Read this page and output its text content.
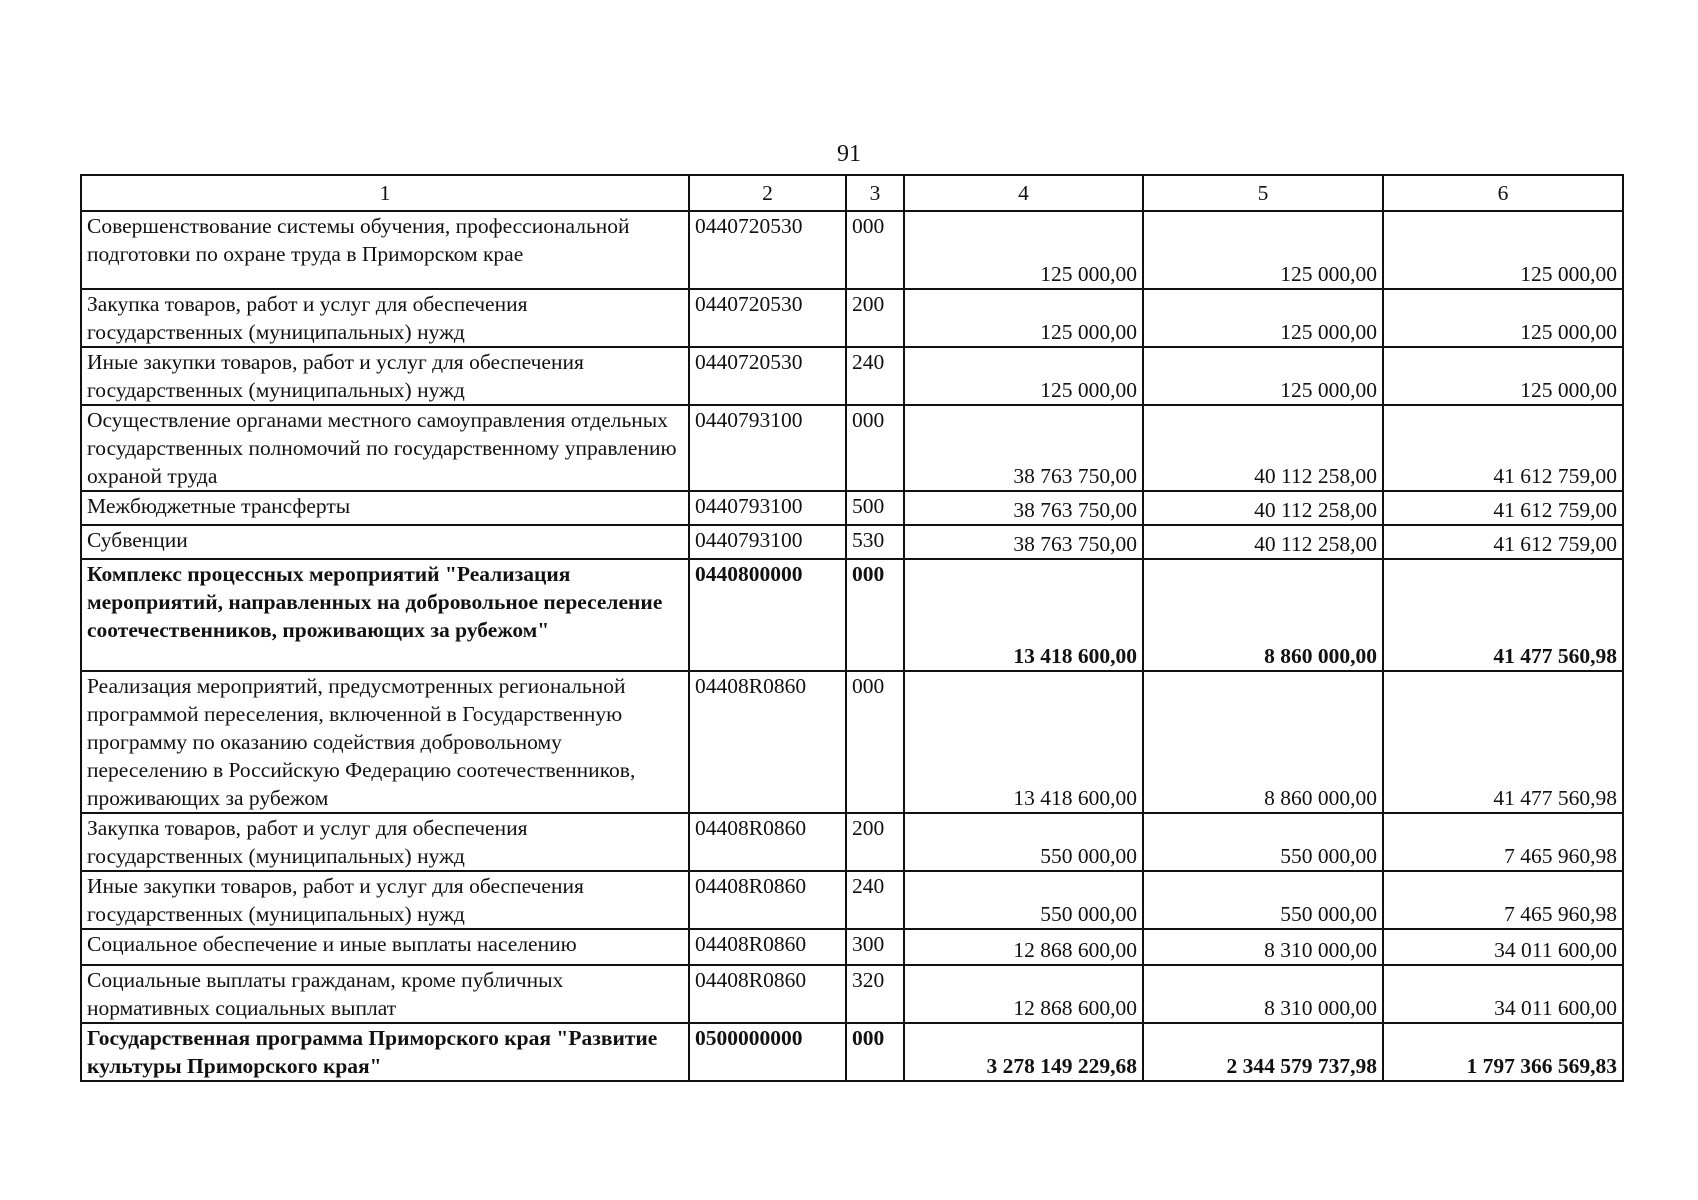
91
1	2	3	4	5	6
Совершенствование системы обучения, профессиональной подготовки по охране труда в Приморском крае	0440720530	000	125 000,00	125 000,00	125 000,00
Закупка товаров, работ и услуг для обеспечения государственных (муниципальных) нужд	0440720530	200	125 000,00	125 000,00	125 000,00
Иные закупки товаров, работ и услуг для обеспечения государственных (муниципальных) нужд	0440720530	240	125 000,00	125 000,00	125 000,00
Осуществление органами местного самоуправления отдельных государственных полномочий по государственному управлению охраной труда	0440793100	000	38 763 750,00	40 112 258,00	41 612 759,00
Межбюджетные трансферты	0440793100	500	38 763 750,00	40 112 258,00	41 612 759,00
Субвенции	0440793100	530	38 763 750,00	40 112 258,00	41 612 759,00
Комплекс процессных мероприятий "Реализация мероприятий, направленных на добровольное переселение соотечественников, проживающих за рубежом"	0440800000	000	13 418 600,00	8 860 000,00	41 477 560,98
Реализация мероприятий, предусмотренных региональной программой переселения, включенной в Государственную программу по оказанию содействия добровольному переселению в Российскую Федерацию соотечественников, проживающих за рубежом	04408R0860	000	13 418 600,00	8 860 000,00	41 477 560,98
Закупка товаров, работ и услуг для обеспечения государственных (муниципальных) нужд	04408R0860	200	550 000,00	550 000,00	7 465 960,98
Иные закупки товаров, работ и услуг для обеспечения государственных (муниципальных) нужд	04408R0860	240	550 000,00	550 000,00	7 465 960,98
Социальное обеспечение и иные выплаты населению	04408R0860	300	12 868 600,00	8 310 000,00	34 011 600,00
Социальные выплаты гражданам, кроме публичных нормативных социальных выплат	04408R0860	320	12 868 600,00	8 310 000,00	34 011 600,00
Государственная программа Приморского края "Развитие культуры Приморского края"	0500000000	000	3 278 149 229,68	2 344 579 737,98	1 797 366 569,83
